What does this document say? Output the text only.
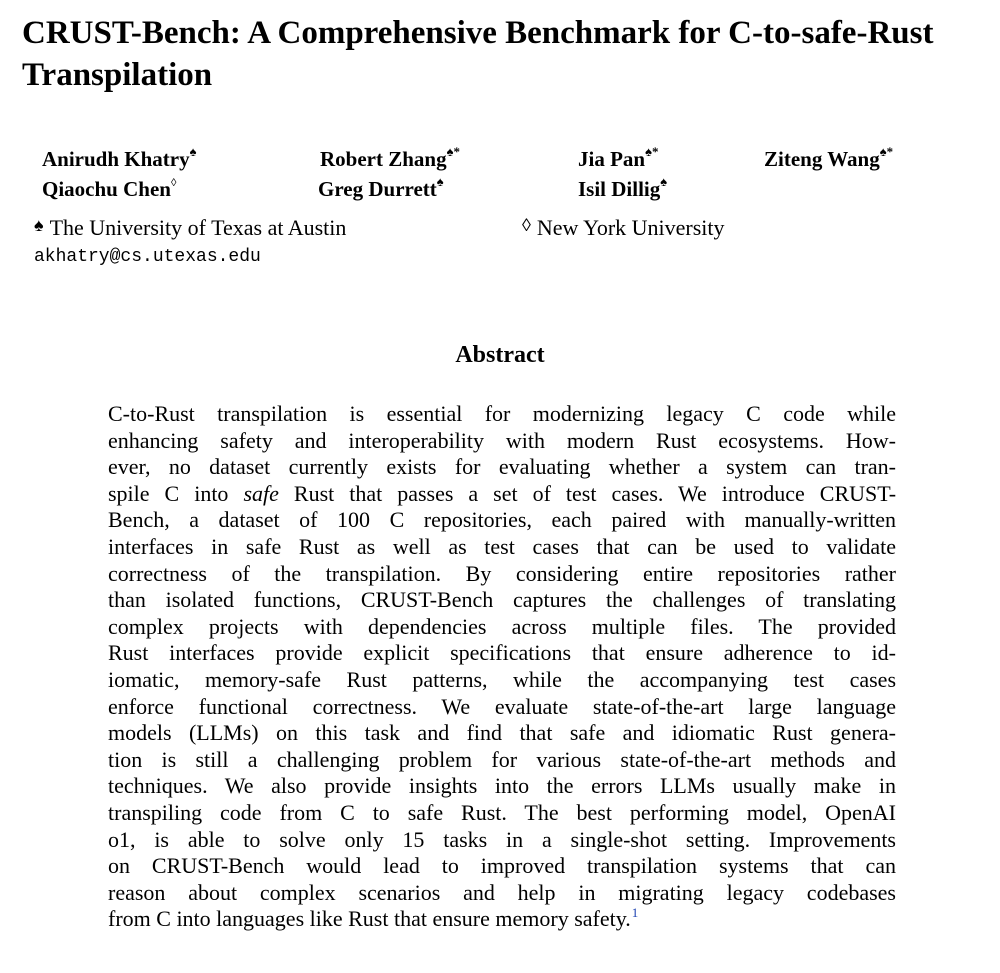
CRUST-Bench: A Comprehensive Benchmark for C-to-safe-Rust Transpilation
Anirudh Khatry♠	Robert Zhang♠*	Jia Pan♠*	Ziteng Wang♠*
Qiaochu Chen◊	Greg Durrett♠	Isil Dillig♠
♠ The University of Texas at Austin	◊ New York University
akhatry@cs.utexas.edu
Abstract
C-to-Rust transpilation is essential for modernizing legacy C code while
enhancing safety and interoperability with modern Rust ecosystems. How-
ever, no dataset currently exists for evaluating whether a system can tran-
spile C into safe Rust that passes a set of test cases. We introduce CRUST-
Bench, a dataset of 100 C repositories, each paired with manually-written
interfaces in safe Rust as well as test cases that can be used to validate
correctness of the transpilation. By considering entire repositories rather
than isolated functions, CRUST-Bench captures the challenges of translating
complex projects with dependencies across multiple files. The provided
Rust interfaces provide explicit specifications that ensure adherence to id-
iomatic, memory-safe Rust patterns, while the accompanying test cases
enforce functional correctness. We evaluate state-of-the-art large language
models (LLMs) on this task and find that safe and idiomatic Rust genera-
tion is still a challenging problem for various state-of-the-art methods and
techniques. We also provide insights into the errors LLMs usually make in
transpiling code from C to safe Rust. The best performing model, OpenAI
o1, is able to solve only 15 tasks in a single-shot setting. Improvements
on CRUST-Bench would lead to improved transpilation systems that can
reason about complex scenarios and help in migrating legacy codebases
from C into languages like Rust that ensure memory safety.$^1$
